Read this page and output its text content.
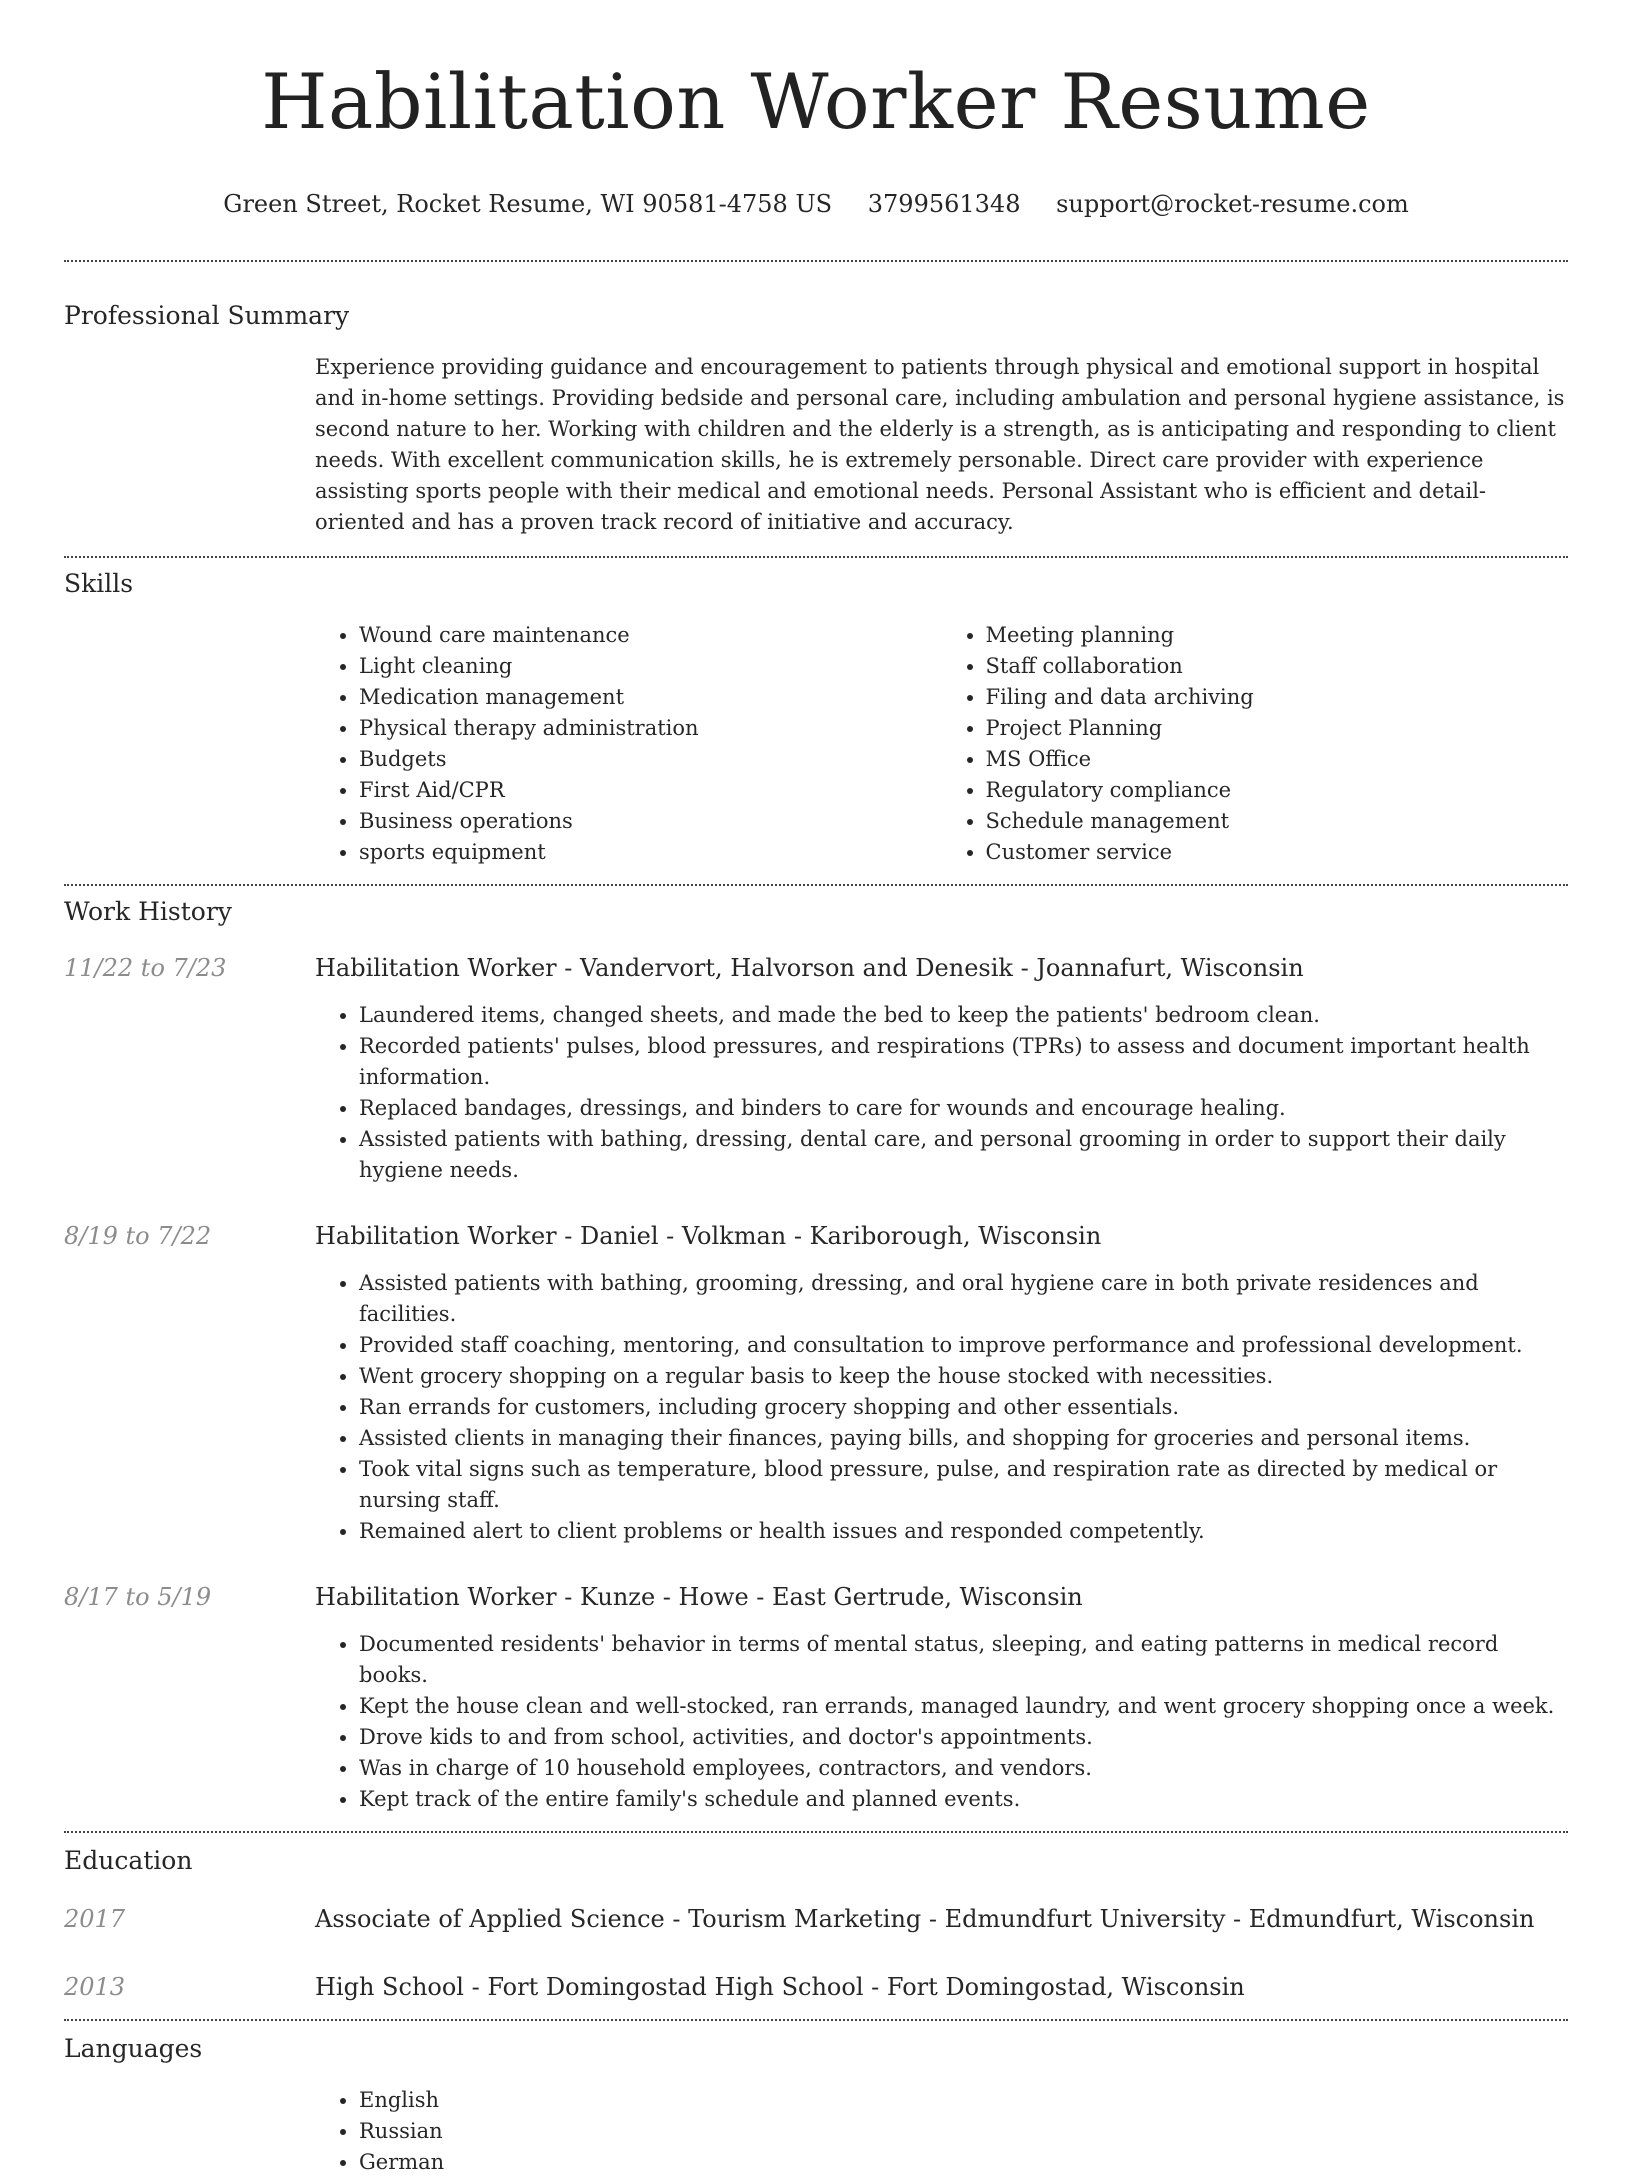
Habilitation Worker Resume
Green Street, Rocket Resume, WI 90581-4758 US 3799561348 support@rocket-resume.com
Professional Summary
Experience providing guidance and encouragement to patients through physical and emotional support in hospital and in-home settings. Providing bedside and personal care, including ambulation and personal hygiene assistance, is second nature to her. Working with children and the elderly is a strength, as is anticipating and responding to client needs. With excellent communication skills, he is extremely personable. Direct care provider with experience assisting sports people with their medical and emotional needs. Personal Assistant who is efficient and detail-oriented and has a proven track record of initiative and accuracy.
Skills
• Wound care maintenance
• Light cleaning
• Medication management
• Physical therapy administration
• Budgets
• First Aid/CPR
• Business operations
• sports equipment
• Meeting planning
• Staff collaboration
• Filing and data archiving
• Project Planning
• MS Office
• Regulatory compliance
• Schedule management
• Customer service
Work History
11/22 to 7/23	Habilitation Worker - Vandervort, Halvorson and Denesik - Joannafurt, Wisconsin
• Laundered items, changed sheets, and made the bed to keep the patients' bedroom clean.
• Recorded patients' pulses, blood pressures, and respirations (TPRs) to assess and document important health information.
• Replaced bandages, dressings, and binders to care for wounds and encourage healing.
• Assisted patients with bathing, dressing, dental care, and personal grooming in order to support their daily hygiene needs.
8/19 to 7/22	Habilitation Worker - Daniel - Volkman - Kariborough, Wisconsin
• Assisted patients with bathing, grooming, dressing, and oral hygiene care in both private residences and facilities.
• Provided staff coaching, mentoring, and consultation to improve performance and professional development.
• Went grocery shopping on a regular basis to keep the house stocked with necessities.
• Ran errands for customers, including grocery shopping and other essentials.
• Assisted clients in managing their finances, paying bills, and shopping for groceries and personal items.
• Took vital signs such as temperature, blood pressure, pulse, and respiration rate as directed by medical or nursing staff.
• Remained alert to client problems or health issues and responded competently.
8/17 to 5/19	Habilitation Worker - Kunze - Howe - East Gertrude, Wisconsin
• Documented residents' behavior in terms of mental status, sleeping, and eating patterns in medical record books.
• Kept the house clean and well-stocked, ran errands, managed laundry, and went grocery shopping once a week.
• Drove kids to and from school, activities, and doctor's appointments.
• Was in charge of 10 household employees, contractors, and vendors.
• Kept track of the entire family's schedule and planned events.
Education
2017	Associate of Applied Science - Tourism Marketing - Edmundfurt University - Edmundfurt, Wisconsin
2013	High School - Fort Domingostad High School - Fort Domingostad, Wisconsin
Languages
• English
• Russian
• German
